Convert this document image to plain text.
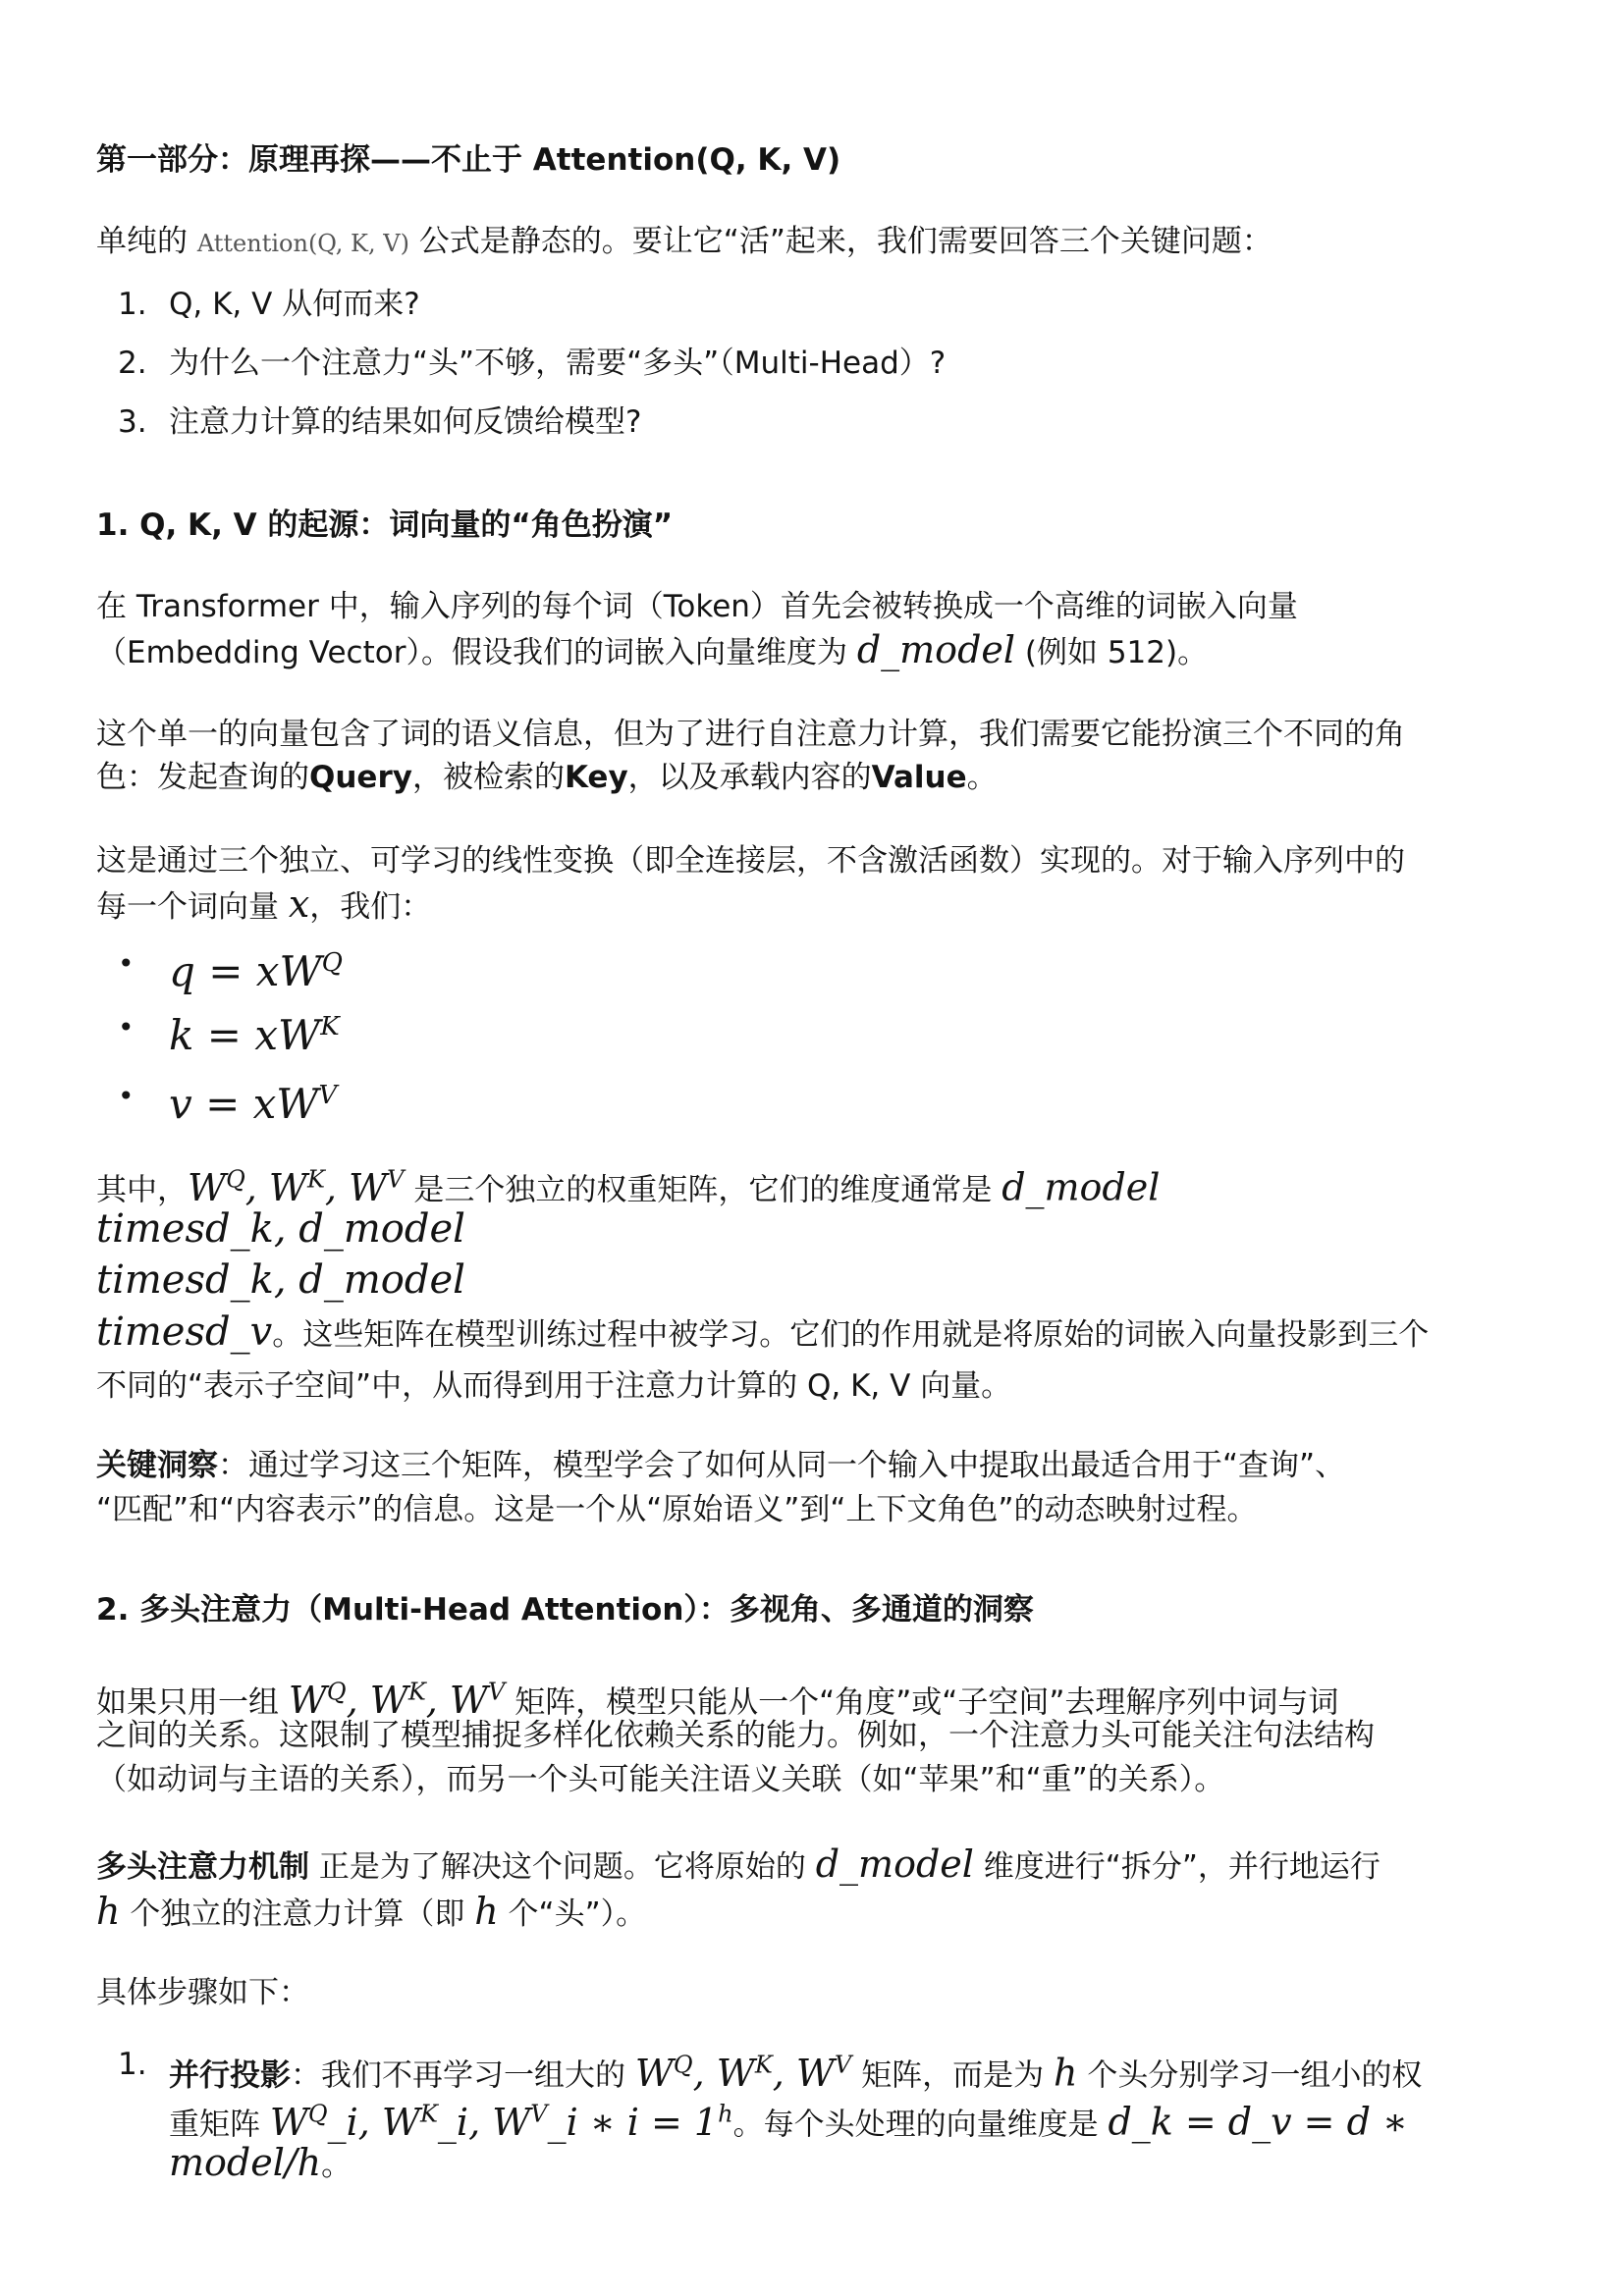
第一部分：原理再探——不止于 Attention(Q, K, V)

单纯的 Attention(Q, K, V) 公式是静态的。要让它“活”起来，我们需要回答三个关键问题：

1. Q, K, V 从何而来?

2. 为什么一个注意力“头”不够，需要“多头”（Multi-Head）?

3. 注意力计算的结果如何反馈给模型?

1. Q, K, V 的起源：词向量的“角色扮演”

在 Transformer 中，输入序列的每个词（Token）首先会被转换成一个高维的词嵌入向量

（Embedding Vector）。假设我们的词嵌入向量维度为 d_model (例如 512)。

这个单一的向量包含了词的语义信息，但为了进行自注意力计算，我们需要它能扮演三个不同的角

色：发起查询的Query，被检索的Key，以及承载内容的Value。

这是通过三个独立、可学习的线性变换（即全连接层，不含激活函数）实现的。对于输入序列中的

每一个词向量 x，我们：

• $q = xW^Q$
• $k = xW^K$
• $v = xW^V$

其中，$W^Q$, $W^K$, $W^V$ 是三个独立的权重矩阵，它们的维度通常是 d_model

timesd_k, d_model

timesd_k, d_model

timesd_v。这些矩阵在模型训练过程中被学习。它们的作用就是将原始的词嵌入向量投影到三个

不同的“表示子空间”中，从而得到用于注意力计算的 Q, K, V 向量。

关键洞察：通过学习这三个矩阵，模型学会了如何从同一个输入中提取出最适合用于“查询”、

“匹配”和“内容表示”的信息。这是一个从“原始语义”到“上下文角色”的动态映射过程。

2. 多头注意力（Multi-Head Attention）：多视角、多通道的洞察

如果只用一组 $W^Q$, $W^K$, $W^V$ 矩阵，模型只能从一个“角度”或“子空间”去理解序列中词与词

之间的关系。这限制了模型捕捉多样化依赖关系的能力。例如，一个注意力头可能关注句法结构

（如动词与主语的关系），而另一个头可能关注语义关联（如“苹果”和“重”的关系）。

多头注意力机制 正是为了解决这个问题。它将原始的 d_model 维度进行“拆分”，并行地运行

h 个独立的注意力计算（即 h 个“头”）。

具体步骤如下：

1. 并行投影：我们不再学习一组大的 $W^Q$, $W^K$, $W^V$ 矩阵，而是为 h 个头分别学习一组小的权

重矩阵 $W^Q\_i$, $W^K\_i$, $W^V\_i$ ∗ $i = 1^h$。每个头处理的向量维度是 d_k = d_v = d ∗

model/h。
